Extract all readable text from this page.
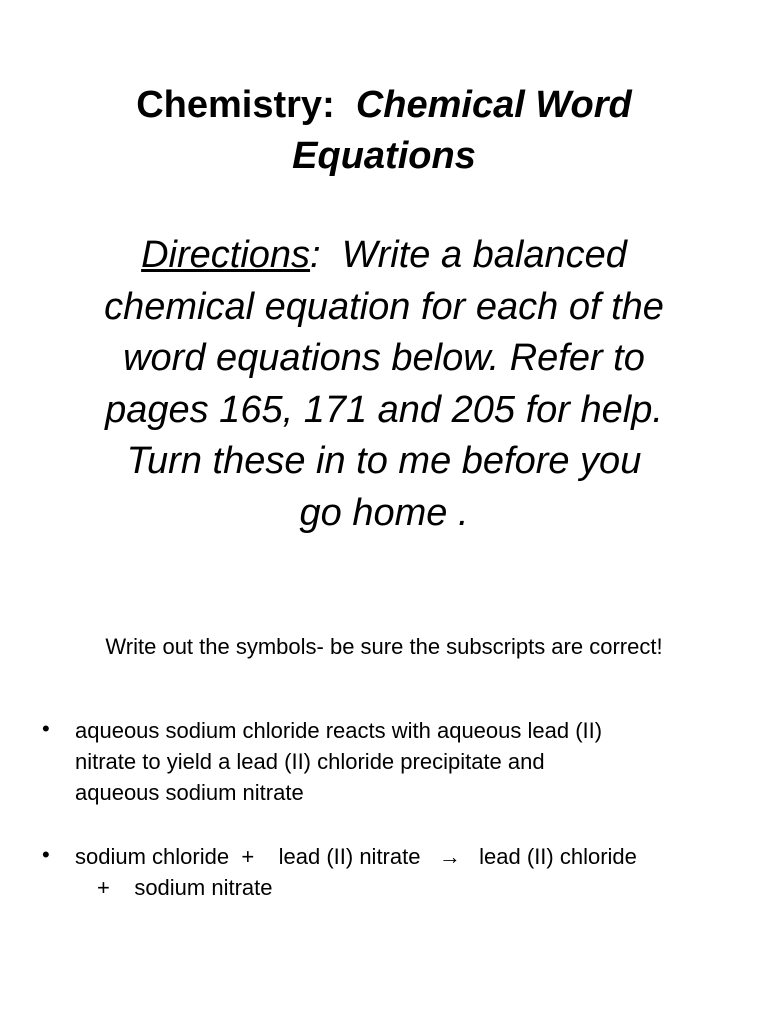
Chemistry: Chemical Word
Equations
Directions: Write a balanced
chemical equation for each of the
word equations below. Refer to
pages 165, 171 and 205 for help.
Turn these in to me before you
go home .
Write out the symbols- be sure the subscripts are correct!
• aqueous sodium chloride reacts with aqueous lead (II)
nitrate to yield a lead (II) chloride precipitate and
aqueous sodium nitrate
• sodium chloride + lead (II) nitrate → lead (II) chloride
+ sodium nitrate
